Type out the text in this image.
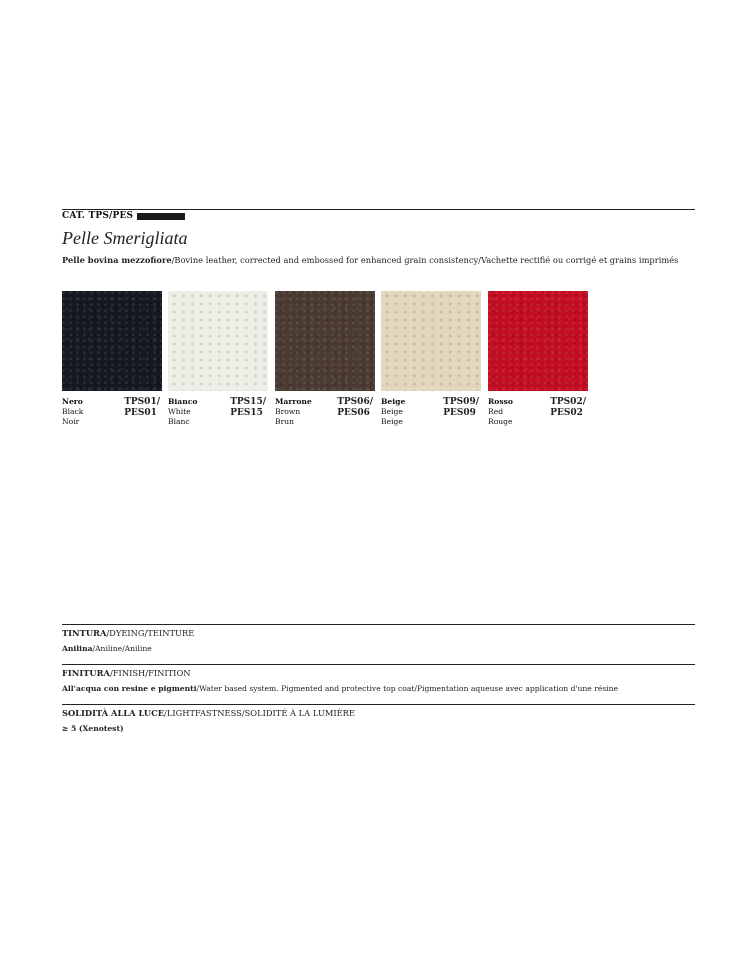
CAT. TPS/PES
Pelle Smerigliata
Pelle bovina mezzofiore/Bovine leather, corrected and embossed for enhanced grain consistency/Vachette rectifié ou corrigé et grains imprimés
Nero
Black
Noir
TPS01/
PES01
Bianco
White
Blanc
TPS15/
PES15
Marrone
Brown
Brun
TPS06/
PES06
Beige
Beige
Beige
TPS09/
PES09
Rosso
Red
Rouge
TPS02/
PES02
TINTURA/DYEING/TEINTURE
Anilina/Aniline/Aniline
FINITURA/FINISH/FINITION
All'acqua con resine e pigmenti/Water based system. Pigmented and protective top coat/Pigmentation aqueuse avec application d'une résine
SOLIDITÀ ALLA LUCE/LIGHTFASTNESS/SOLIDITÉ À LA LUMIÈRE
≥ 5 (Xenotest)
